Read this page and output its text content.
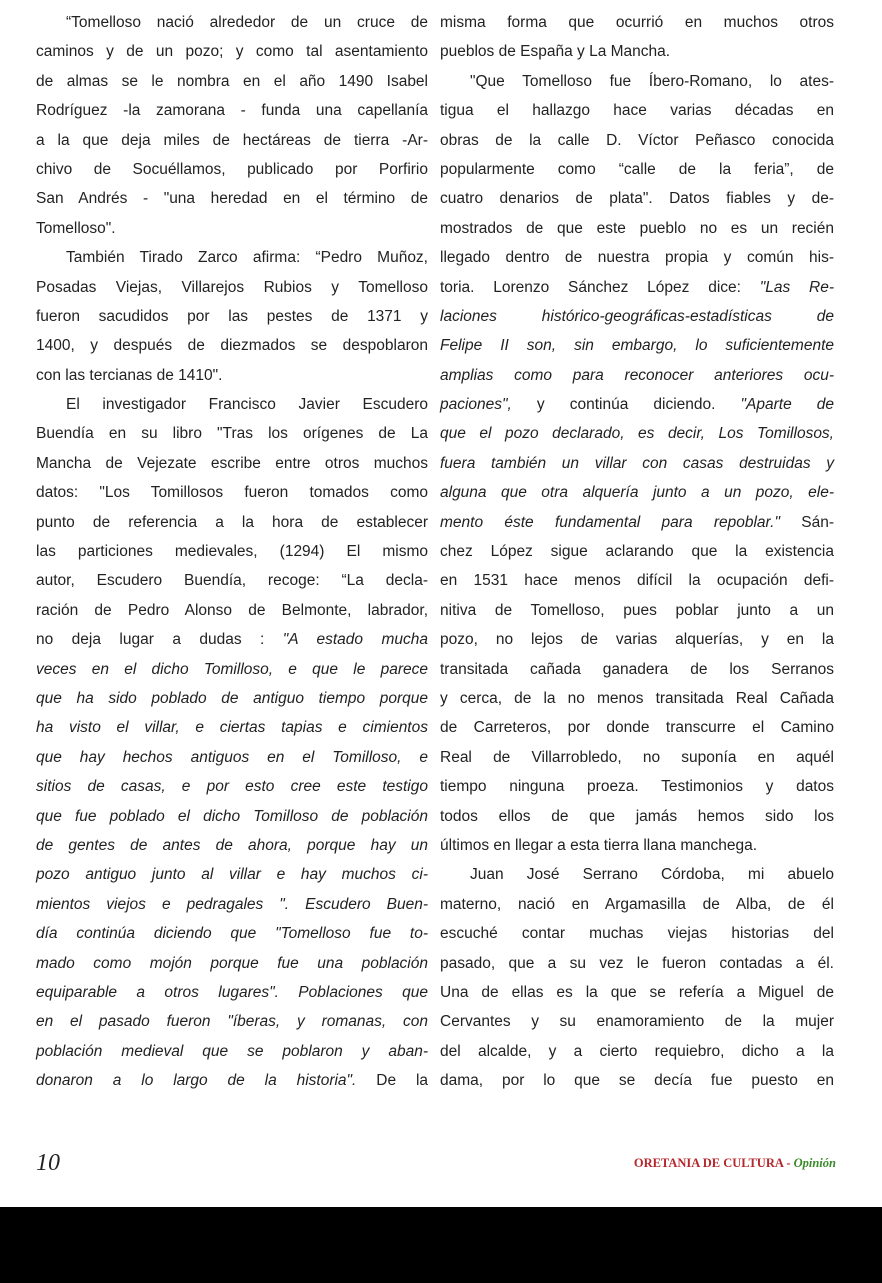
“Tomelloso nació alrededor de un cruce de
caminos y de un pozo; y como tal asentamiento
de almas se le nombra en el año 1490 Isabel
Rodríguez -la zamorana - funda una capellanía
a la que deja miles de hectáreas de tierra -Ar-
chivo de Socuéllamos, publicado por Porfirio
San Andrés - "una heredad en el término de
Tomelloso".
También Tirado Zarco afirma: “Pedro Muñoz,
Posadas Viejas, Villarejos Rubios y Tomelloso
fueron sacudidos por las pestes de 1371 y
1400, y después de diezmados se despoblaron
con las tercianas de 1410".
El investigador Francisco Javier Escudero
Buendía en su libro "Tras los orígenes de La
Mancha de Vejezate escribe entre otros muchos
datos: "Los Tomillosos fueron tomados como
punto de referencia a la hora de establecer
las particiones medievales, (1294) El mismo
autor, Escudero Buendía, recoge: “La decla-
ración de Pedro Alonso de Belmonte, labrador,
no deja lugar a dudas : "A estado mucha
veces en el dicho Tomilloso, e que le parece
que ha sido poblado de antiguo tiempo porque
ha visto el villar, e ciertas tapias e cimientos
que hay hechos antiguos en el Tomilloso, e
sitios de casas, e por esto cree este testigo
que fue poblado el dicho Tomilloso de población
de gentes de antes de ahora, porque hay un
pozo antiguo junto al villar e hay muchos ci-
mientos viejos e pedragales ". Escudero Buen-
día continúa diciendo que "Tomelloso fue to-
mado como mojón porque fue una población
equiparable a otros lugares". Poblaciones que
en el pasado fueron "íberas, y romanas, con
población medieval que se poblaron y aban-
donaron a lo largo de la historia". De la
misma forma que ocurrió en muchos otros
pueblos de España y La Mancha.
"Que Tomelloso fue Íbero-Romano, lo ates-
tigua el hallazgo hace varias décadas en
obras de la calle D. Víctor Peñasco conocida
popularmente como “calle de la feria”, de
cuatro denarios de plata". Datos fiables y de-
mostrados de que este pueblo no es un recién
llegado dentro de nuestra propia y común his-
toria. Lorenzo Sánchez López dice: "Las Re-
laciones histórico-geográficas-estadísticas de
Felipe II son, sin embargo, lo suficientemente
amplias como para reconocer anteriores ocu-
paciones", y continúa diciendo. "Aparte de
que el pozo declarado, es decir, Los Tomillosos,
fuera también un villar con casas destruidas y
alguna que otra alquería junto a un pozo, ele-
mento éste fundamental para repoblar." Sán-
chez López sigue aclarando que la existencia
en 1531 hace menos difícil la ocupación defi-
nitiva de Tomelloso, pues poblar junto a un
pozo, no lejos de varias alquerías, y en la
transitada cañada ganadera de los Serranos
y cerca, de la no menos transitada Real Cañada
de Carreteros, por donde transcurre el Camino
Real de Villarrobledo, no suponía en aquél
tiempo ninguna proeza. Testimonios y datos
todos ellos de que jamás hemos sido los
últimos en llegar a esta tierra llana manchega.
Juan José Serrano Córdoba, mi abuelo
materno, nació en Argamasilla de Alba, de él
escuché contar muchas viejas historias del
pasado, que a su vez le fueron contadas a él.
Una de ellas es la que se refería a Miguel de
Cervantes y su enamoramiento de la mujer
del alcalde, y a cierto requiebro, dicho a la
dama, por lo que se decía fue puesto en
10	ORETANIA DE CULTURA - Opinión
